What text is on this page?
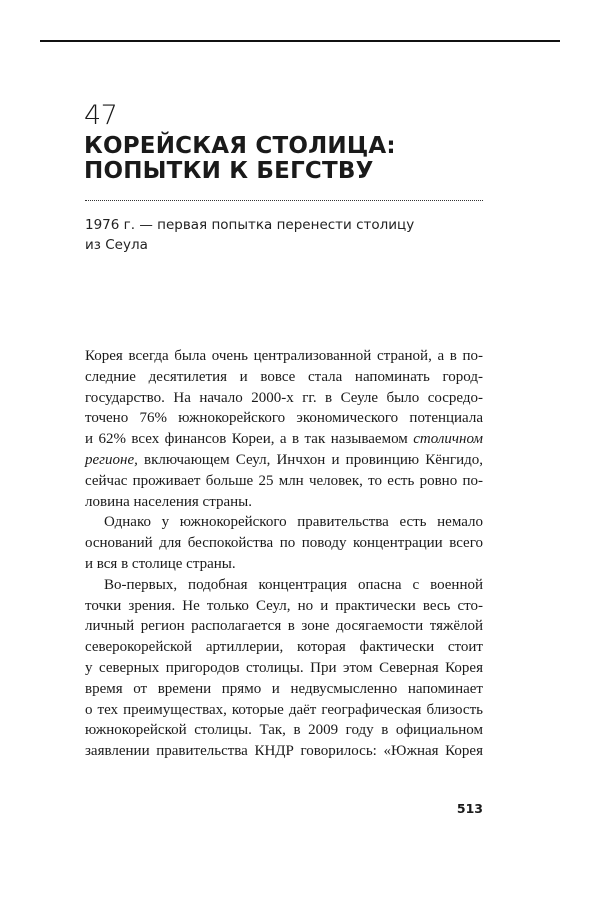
47
КОРЕЙСКАЯ СТОЛИЦА:
ПОПЫТКИ К БЕГСТВУ
1976 г. — первая попытка перенести столицу
из Сеула
Корея всегда была очень централизованной страной, а в по-
следние десятилетия и вовсе стала напоминать город-
государство. На начало 2000-х гг. в Сеуле было сосредо-
точено 76% южнокорейского экономического потенциала
и 62% всех финансов Кореи, а в так называемом столичном
регионе, включающем Сеул, Инчхон и провинцию Кёнгидо,
сейчас проживает больше 25 млн человек, то есть ровно по-
ловина населения страны.
Однако у южнокорейского правительства есть немало
оснований для беспокойства по поводу концентрации всего
и вся в столице страны.
Во-первых, подобная концентрация опасна с военной
точки зрения. Не только Сеул, но и практически весь сто-
личный регион располагается в зоне досягаемости тяжёлой
северокорейской артиллерии, которая фактически стоит
у северных пригородов столицы. При этом Северная Корея
время от времени прямо и недвусмысленно напоминает
о тех преимуществах, которые даёт географическая близость
южнокорейской столицы. Так, в 2009 году в официальном
заявлении правительства КНДР говорилось: «Южная Корея
513
